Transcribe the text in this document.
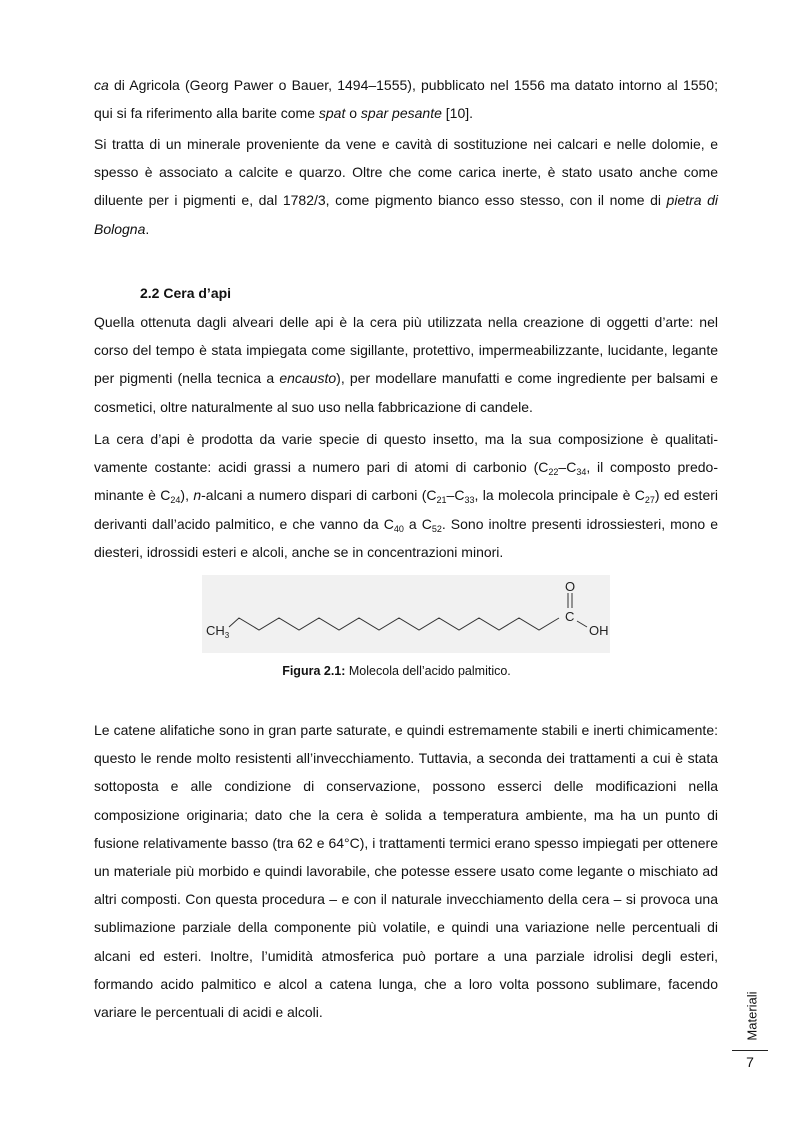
ca di Agricola (Georg Pawer o Bauer, 1494–1555), pubblicato nel 1556 ma datato intorno al 1550; qui si fa riferimento alla barite come spat o spar pesante [10].

Si tratta di un minerale proveniente da vene e cavità di sostituzione nei calcari e nelle dolomie, e spesso è associato a calcite e quarzo. Oltre che come carica inerte, è stato usato anche come diluente per i pigmenti e, dal 1782/3, come pigmento bianco esso stesso, con il nome di pietra di Bologna.

2.2 Cera d’api

Quella ottenuta dagli alveari delle api è la cera più utilizzata nella creazione di oggetti d’arte: nel corso del tempo è stata impiegata come sigillante, protettivo, impermeabilizzante, lucidante, legante per pigmenti (nella tecnica a encausto), per modellare manufatti e come ingrediente per balsami e cosmetici, oltre naturalmente al suo uso nella fabbricazione di candele.

La cera d’api è prodotta da varie specie di questo insetto, ma la sua composizione è qualitativamente costante: acidi grassi a numero pari di atomi di carbonio ($C_{22}-C_{34}$, il composto predominante è $C_{24}$), n-alcani a numero dispari di carboni ($C_{21}-C_{33}$, la molecola principale è $C_{27}$) ed esteri derivanti dall’acido palmitico, e che vanno da $C_{40}$ a $C_{52}$. Sono inoltre presenti idrossiesteri, mono e diesteri, idrossidi esteri e alcoli, anche se in concentrazioni minori.

$CH_3$
O
C
OH

Figura 2.1: Molecola dell’acido palmitico.

Le catene alifatiche sono in gran parte saturate, e quindi estremamente stabili e inerti chimicamente: questo le rende molto resistenti all’invecchiamento. Tuttavia, a seconda dei trattamenti a cui è stata sottoposta e alle condizione di conservazione, possono esserci delle modificazioni nella composizione originaria; dato che la cera è solida a temperatura ambiente, ma ha un punto di fusione relativamente basso (tra 62 e 64°C), i trattamenti termici erano spesso impiegati per ottenere un materiale più morbido e quindi lavorabile, che potesse essere usato come legante o mischiato ad altri composti. Con questa procedura – e con il naturale invecchiamento della cera – si provoca una sublimazione parziale della componente più volatile, e quindi una variazione nelle percentuali di alcani ed esteri. Inoltre, l’umidità atmosferica può portare a una parziale idrolisi degli esteri, formando acido palmitico e alcol a catena lunga, che a loro volta possono sublimare, facendo variare le percentuali di acidi e alcoli.	Materiali
7
